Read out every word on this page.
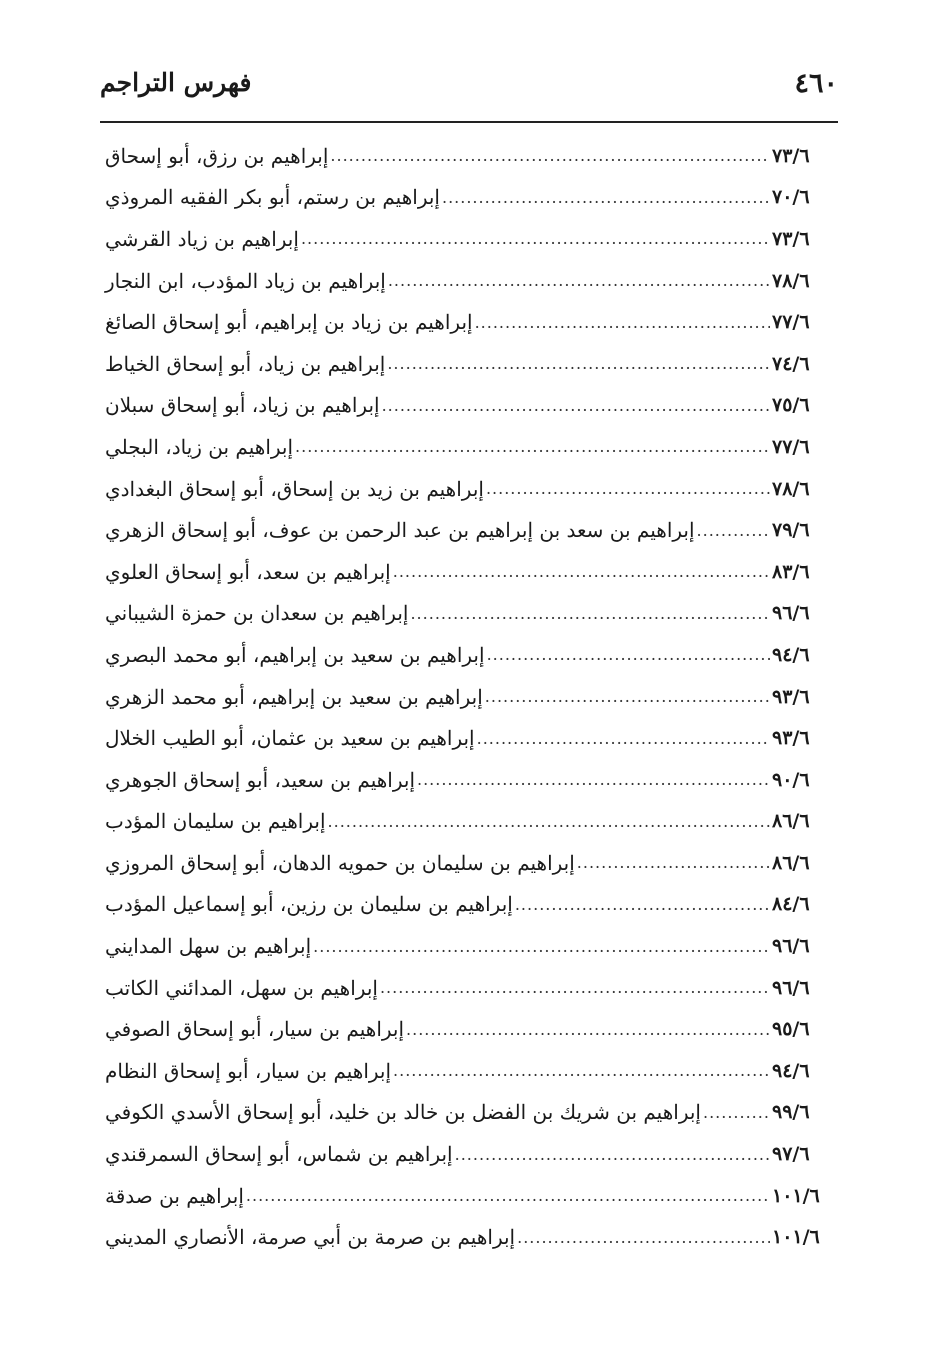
٤٦٠
فهرس التراجم
إبراهيم بن رزق، أبو إسحاق .....	٧٣/٦
إبراهيم بن رستم، أبو بكر الفقيه المروذي .....	٧٠/٦
إبراهيم بن زياد القرشي .....	٧٣/٦
إبراهيم بن زياد المؤدب، ابن النجار .....	٧٨/٦
إبراهيم بن زياد بن إبراهيم، أبو إسحاق الصائغ .....	٧٧/٦
إبراهيم بن زياد، أبو إسحاق الخياط .....	٧٤/٦
إبراهيم بن زياد، أبو إسحاق سبلان .....	٧٥/٦
إبراهيم بن زياد، البجلي .....	٧٧/٦
إبراهيم بن زيد بن إسحاق، أبو إسحاق البغدادي .....	٧٨/٦
إبراهيم بن سعد بن إبراهيم بن عبد الرحمن بن عوف، أبو إسحاق الزهري .....	٧٩/٦
إبراهيم بن سعد، أبو إسحاق العلوي .....	٨٣/٦
إبراهيم بن سعدان بن حمزة الشيباني .....	٩٦/٦
إبراهيم بن سعيد بن إبراهيم، أبو محمد البصري .....	٩٤/٦
إبراهيم بن سعيد بن إبراهيم، أبو محمد الزهري .....	٩٣/٦
إبراهيم بن سعيد بن عثمان، أبو الطيب الخلال .....	٩٣/٦
إبراهيم بن سعيد، أبو إسحاق الجوهري .....	٩٠/٦
إبراهيم بن سليمان المؤدب .....	٨٦/٦
إبراهيم بن سليمان بن حمويه الدهان، أبو إسحاق المروزي .....	٨٦/٦
إبراهيم بن سليمان بن رزين، أبو إسماعيل المؤدب .....	٨٤/٦
إبراهيم بن سهل المدايني .....	٩٦/٦
إبراهيم بن سهل، المدائني الكاتب .....	٩٦/٦
إبراهيم بن سيار، أبو إسحاق الصوفي .....	٩٥/٦
إبراهيم بن سيار، أبو إسحاق النظام .....	٩٤/٦
إبراهيم بن شريك بن الفضل بن خالد بن خليد، أبو إسحاق الأسدي الكوفي .....	٩٩/٦
إبراهيم بن شماس، أبو إسحاق السمرقندي .....	٩٧/٦
إبراهيم بن صدقة .....	١٠١/٦
إبراهيم بن صرمة بن أبي صرمة، الأنصاري المديني .....	١٠١/٦
